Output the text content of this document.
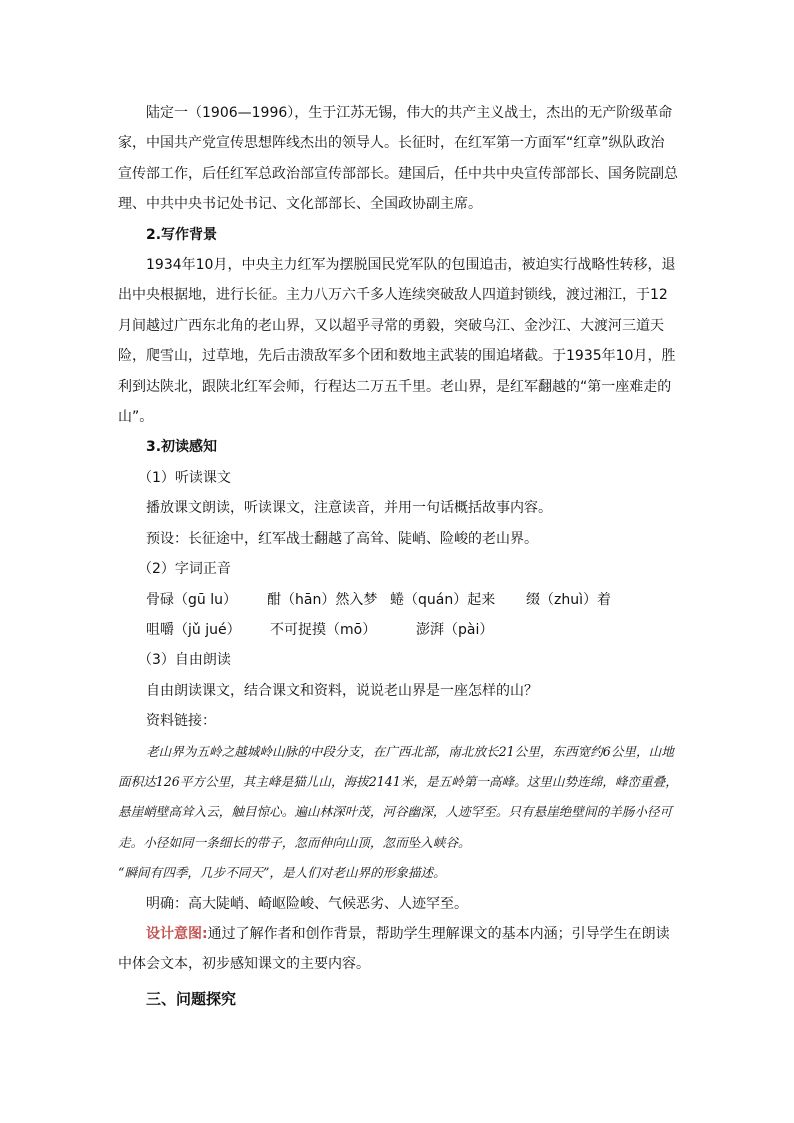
陆定一（1906—1996），生于江苏无锡，伟大的共产主义战士，杰出的无产阶级革命家，中国共产党宣传思想阵线杰出的领导人。长征时，在红军第一方面军“红章”纵队政治宣传部工作，后任红军总政治部宣传部部长。建国后，任中共中央宣传部部长、国务院副总理、中共中央书记处书记、文化部部长、全国政协副主席。

2.写作背景

1934年10月，中央主力红军为摆脱国民党军队的包围追击，被迫实行战略性转移，退出中央根据地，进行长征。主力八万六千多人连续突破敌人四道封锁线，渡过湘江，于12月间越过广西东北角的老山界，又以超乎寻常的勇毅，突破乌江、金沙江、大渡河三道天险，爬雪山，过草地，先后击溃敌军多个团和数地主武装的围追堵截。于1935年10月，胜利到达陕北，跟陕北红军会师，行程达二万五千里。老山界，是红军翻越的“第一座难走的山”。

3.初读感知

（1）听读课文

播放课文朗读，听读课文，注意读音，并用一句话概括故事内容。

预设：长征途中，红军战士翻越了高耸、陡峭、险峻的老山界。

（2）字词正音

骨碌（gū lu）	酣（hān）然入梦 蜷（quán）起来	缀（zhuì）着
咀嚼（jǔ jué）	不可捉摸（mō）	澎湃（pài）

（3）自由朗读

自由朗读课文，结合课文和资料，说说老山界是一座怎样的山？

资料链接：

老山界为五岭之越城岭山脉的中段分支，在广西北部，南北放长21公里，东西宽约6公里，山地面积达126平方公里，其主峰是猫儿山，海拔2141米，是五岭第一高峰。这里山势连绵，峰峦重叠，悬崖峭壁高耸入云，触目惊心。遍山林深叶茂，河谷幽深，人迹罕至。只有悬崖绝壁间的羊肠小径可走。小径如同一条细长的带子，忽而伸向山顶，忽而坠入峡谷。

“瞬间有四季，几步不同天”，是人们对老山界的形象描述。

明确：高大陡峭、崎岖险峻、气候恶劣、人迹罕至。

设计意图:通过了解作者和创作背景，帮助学生理解课文的基本内涵；引导学生在朗读中体会文本，初步感知课文的主要内容。

三、问题探究
